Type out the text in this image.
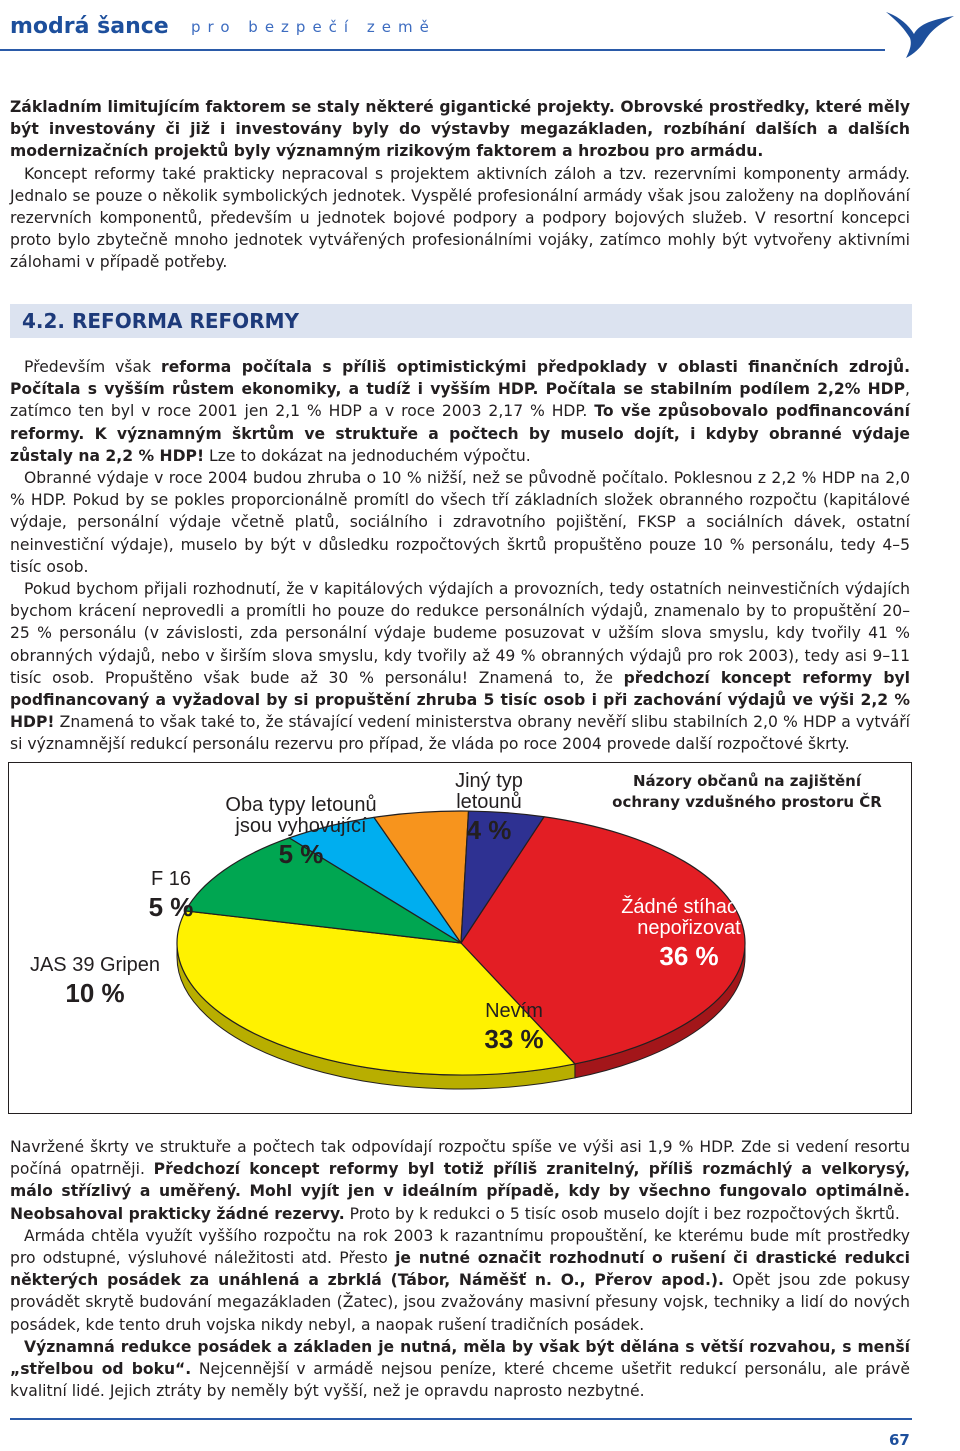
modrá šance pro bezpečí země

Základním limitujícím faktorem se staly některé gigantické projekty. Obrovské prostředky, které měly být investovány či již i investovány byly do výstavby megazákladen, rozbíhání dalších a dalších modernizačních projektů byly významným rizikovým faktorem a hrozbou pro armádu.

Koncept reformy také prakticky nepracoval s projektem aktivních záloh a tzv. rezervními komponenty armády. Jednalo se pouze o několik symbolických jednotek. Vyspělé profesionální armády však jsou založeny na doplňování rezervních komponentů, především u jednotek bojové podpory a podpory bojových služeb. V resortní koncepci proto bylo zbytečně mnoho jednotek vytvářených profesionálními vojáky, zatímco mohly být vytvořeny aktivními zálohami v případě potřeby.

4.2. REFORMA REFORMY

Především však reforma počítala s příliš optimistickými předpoklady v oblasti finančních zdrojů. Počítala s vyšším růstem ekonomiky, a tudíž i vyšším HDP. Počítala se stabilním podílem 2,2% HDP, zatímco ten byl v roce 2001 jen 2,1 % HDP a v roce 2003 2,17 % HDP. To vše způsobovalo podfinancování reformy. K významným škrtům ve struktuře a počtech by muselo dojít, i kdyby obranné výdaje zůstaly na 2,2 % HDP! Lze to dokázat na jednoduchém výpočtu.

Obranné výdaje v roce 2004 budou zhruba o 10 % nižší, než se původně počítalo. Poklesnou z 2,2 % HDP na 2,0 % HDP. Pokud by se pokles proporcionálně promítl do všech tří základních složek obranného rozpočtu (kapitálové výdaje, personální výdaje včetně platů, sociálního i zdravotního pojištění, FKSP a sociálních dávek, ostatní neinvestiční výdaje), muselo by být v důsledku rozpočtových škrtů propuštěno pouze 10 % personálu, tedy 4–5 tisíc osob.

Pokud bychom přijali rozhodnutí, že v kapitálových výdajích a provozních, tedy ostatních neinvestičních výdajích bychom krácení neprovedli a promítli ho pouze do redukce personálních výdajů, znamenalo by to propuštění 20–25 % personálu (v závislosti, zda personální výdaje budeme posuzovat v užším slova smyslu, kdy tvořily 41 % obranných výdajů, nebo v širším slova smyslu, kdy tvořily až 49 % obranných výdajů pro rok 2003), tedy asi 9–11 tisíc osob. Propuštěno však bude až 30 % personálu! Znamená to, že předchozí koncept reformy byl podfinancovaný a vyžadoval by si propuštění zhruba 5 tisíc osob i při zachování výdajů ve výši 2,2 % HDP! Znamená to však také to, že stávající vedení ministerstva obrany nevěří slibu stabilních 2,0 % HDP a vytváří si významnější redukcí personálu rezervu pro případ, že vláda po roce 2004 provede další rozpočtové škrty.

Názory občanů na zajištění ochrany vzdušného prostoru ČR
Žádné stíhačky nepořizovat
36 %
Nevím
33 %
JAS 39 Gripen
10 %
F 16
5 %
Oba typy letounů jsou vyhovující
5 %
Jiný typ letounů
4 %

Navržené škrty ve struktuře a počtech tak odpovídají rozpočtu spíše ve výši asi 1,9 % HDP. Zde si vedení resortu počíná opatrněji. Předchozí koncept reformy byl totiž příliš zranitelný, příliš rozmáchlý a velkorysý, málo střízlivý a uměřený. Mohl vyjít jen v ideálním případě, kdy by všechno fungovalo optimálně. Neobsahoval prakticky žádné rezervy. Proto by k redukci o 5 tisíc osob muselo dojít i bez rozpočtových škrtů.

Armáda chtěla využít vyššího rozpočtu na rok 2003 k razantnímu propouštění, ke kterému bude mít prostředky pro odstupné, výsluhové náležitosti atd. Přesto je nutné označit rozhodnutí o rušení či drastické redukci některých posádek za unáhlená a zbrklá (Tábor, Náměšť n. O., Přerov apod.). Opět jsou zde pokusy provádět skrytě budování megazákladen (Žatec), jsou zvažovány masivní přesuny vojsk, techniky a lidí do nových posádek, kde tento druh vojska nikdy nebyl, a naopak rušení tradičních posádek.

Významná redukce posádek a základen je nutná, měla by však být dělána s větší rozvahou, s menší „střelbou od boku“. Nejcennější v armádě nejsou peníze, které chceme ušetřit redukcí personálu, ale právě kvalitní lidé. Jejich ztráty by neměly být vyšší, než je opravdu naprosto nezbytné.

67
